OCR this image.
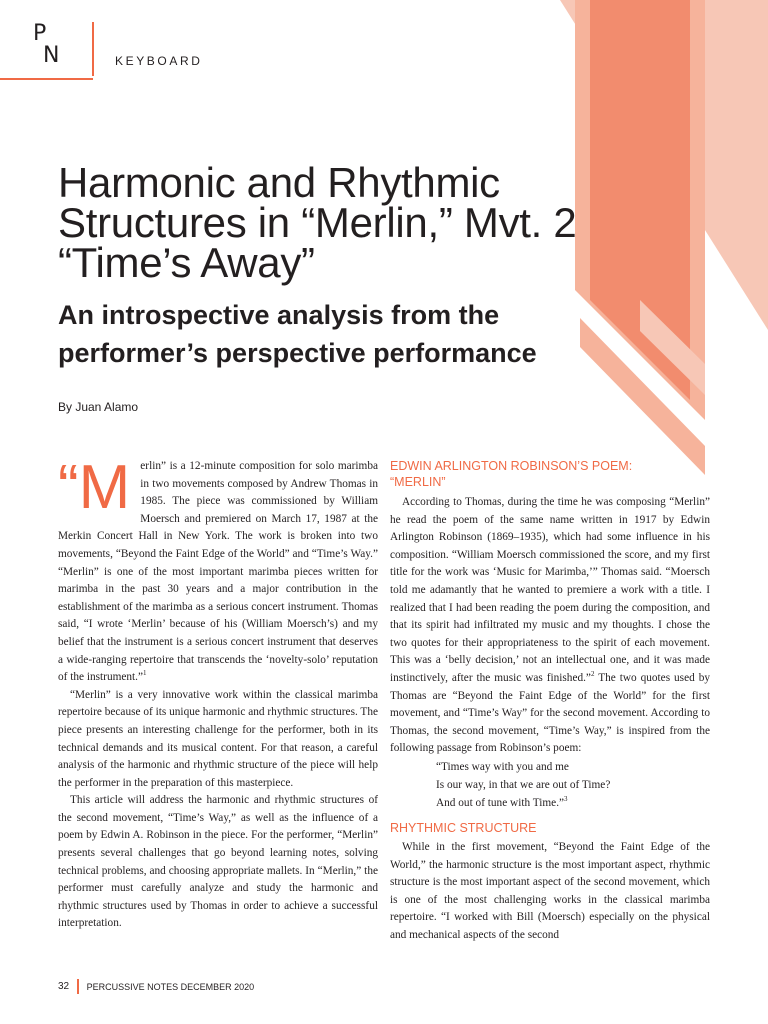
P
N	KEYBOARD
Harmonic and Rhythmic
Structures in “Merlin,” Mvt. 2
“Time’s Away”
An introspective analysis from the
performer’s perspective performance
By Juan Alamo

“Merlin” is a 12-minute composition for solo marimba in two movements composed by Andrew Thomas in 1985. The piece was commissioned by William Moersch and premiered on March 17, 1987 at the Merkin Concert Hall in New York. The work is broken into two movements, “Beyond the Faint Edge of the World” and “Time’s Way.” “Merlin” is one of the most important marimba pieces written for marimba in the past 30 years and a major contribution in the establishment of the marimba as a serious concert instrument. Thomas said, “I wrote ‘Merlin’ because of his (William Moersch’s) and my belief that the instrument is a serious concert instrument that deserves a wide-ranging repertoire that transcends the ‘novelty-solo’ reputation of the instrument.”$^1$

“Merlin” is a very innovative work within the classical marimba repertoire because of its unique harmonic and rhythmic structures. The piece presents an interesting challenge for the performer, both in its technical demands and its musical content. For that reason, a careful analysis of the harmonic and rhythmic structure of the piece will help the performer in the preparation of this masterpiece.

This article will address the harmonic and rhythmic structures of the second movement, “Time’s Way,” as well as the influence of a poem by Edwin A. Robinson in the piece. For the performer, “Merlin” presents several challenges that go beyond learning notes, solving technical problems, and choosing appropriate mallets. In “Merlin,” the performer must carefully analyze and study the harmonic and rhythmic structures used by Thomas in order to achieve a successful interpretation.

EDWIN ARLINGTON ROBINSON’S POEM:
“MERLIN”

According to Thomas, during the time he was composing “Merlin” he read the poem of the same name written in 1917 by Edwin Arlington Robinson (1869–1935), which had some influence in his composition. “William Moersch commissioned the score, and my first title for the work was ‘Music for Marimba,’” Thomas said. “Moersch told me adamantly that he wanted to premiere a work with a title. I realized that I had been reading the poem during the composition, and that its spirit had infiltrated my music and my thoughts. I chose the two quotes for their appropriateness to the spirit of each movement. This was a ‘belly decision,’ not an intellectual one, and it was made instinctively, after the music was finished.”$^2$ The two quotes used by Thomas are “Beyond the Faint Edge of the World” for the first movement, and “Time’s Way” for the second movement. According to Thomas, the second movement, “Time’s Way,” is inspired from the following passage from Robinson’s poem:

“Times way with you and me
Is our way, in that we are out of Time?
And out of tune with Time.”$^3$
RHYTHMIC STRUCTURE

While in the first movement, “Beyond the Faint Edge of the World,” the harmonic structure is the most important aspect, rhythmic structure is the most important aspect of the second movement, which is one of the most challenging works in the classical marimba repertoire. “I worked with Bill (Moersch) especially on the physical and mechanical aspects of the second

32 PERCUSSIVE NOTES DECEMBER 2020
